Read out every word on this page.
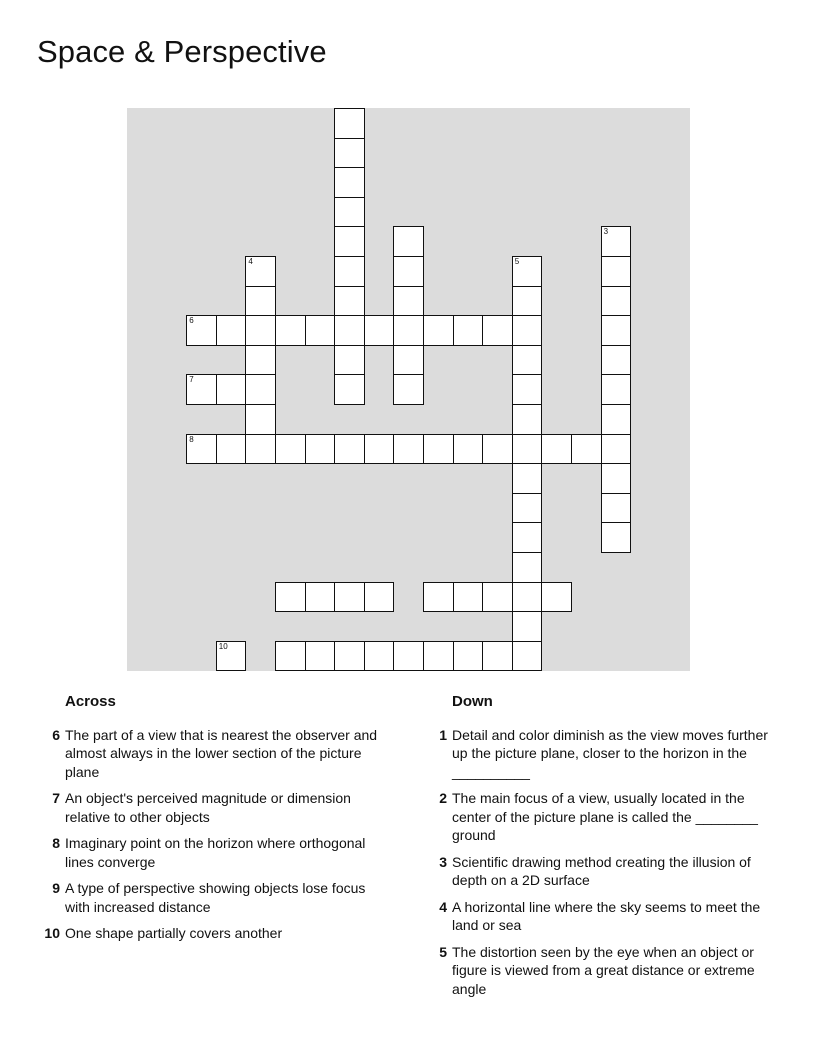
Space & Perspective
3
4	5
6
7
8
10
Across
6 The part of a view that is nearest the observer and almost always in the lower section of the picture plane
7 An object's perceived magnitude or dimension relative to other objects
8 Imaginary point on the horizon where orthogonal lines converge
9 A type of perspective showing objects lose focus with increased distance
10 One shape partially covers another
Down
1 Detail and color diminish as the view moves further up the picture plane, closer to the horizon in the __________
2 The main focus of a view, usually located in the center of the picture plane is called the ________ ground
3 Scientific drawing method creating the illusion of depth on a 2D surface
4 A horizontal line where the sky seems to meet the land or sea
5 The distortion seen by the eye when an object or figure is viewed from a great distance or extreme angle
